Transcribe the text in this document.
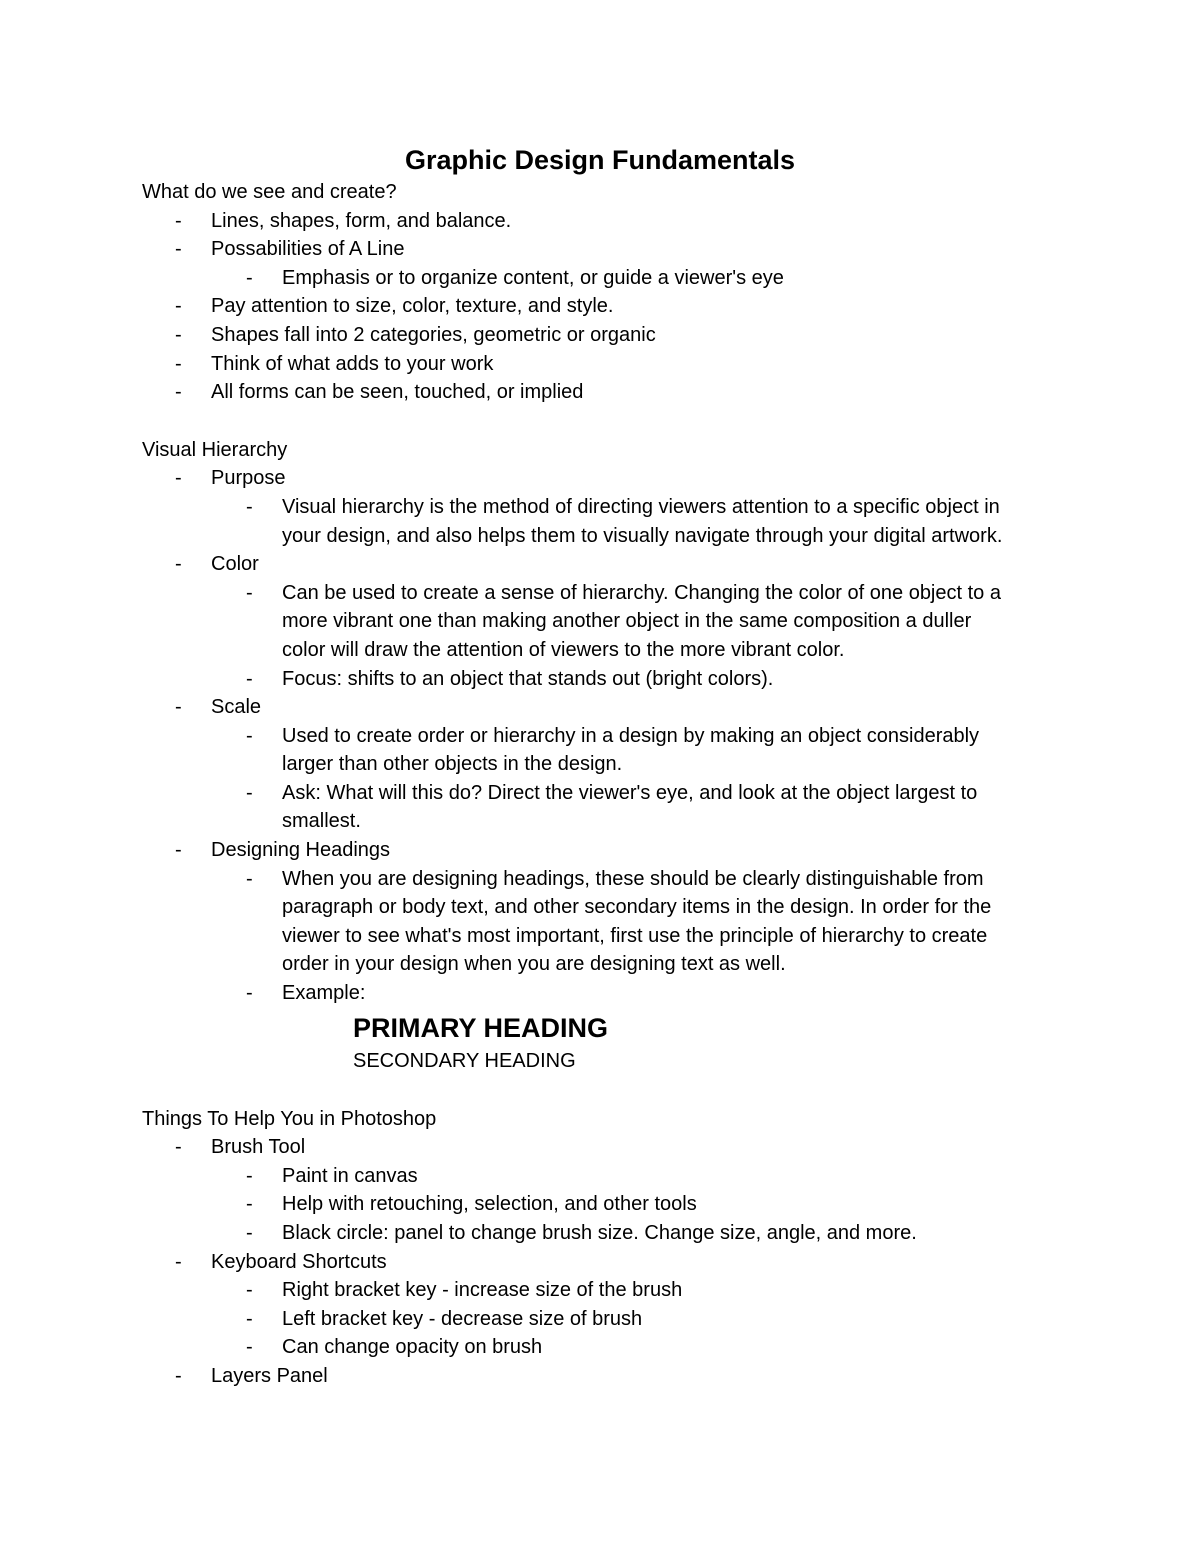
Graphic Design Fundamentals
What do we see and create?
- Lines, shapes, form, and balance.
- Possabilities of A Line
- Emphasis or to organize content, or guide a viewer's eye
- Pay attention to size, color, texture, and style.
- Shapes fall into 2 categories, geometric or organic
- Think of what adds to your work
- All forms can be seen, touched, or implied
Visual Hierarchy
- Purpose
- Visual hierarchy is the method of directing viewers attention to a specific object in
your design, and also helps them to visually navigate through your digital artwork.
- Color
- Can be used to create a sense of hierarchy. Changing the color of one object to a
more vibrant one than making another object in the same composition a duller
color will draw the attention of viewers to the more vibrant color.
- Focus: shifts to an object that stands out (bright colors).
- Scale
- Used to create order or hierarchy in a design by making an object considerably
larger than other objects in the design.
- Ask: What will this do? Direct the viewer's eye, and look at the object largest to
smallest.
- Designing Headings
- When you are designing headings, these should be clearly distinguishable from
paragraph or body text, and other secondary items in the design. In order for the
viewer to see what's most important, first use the principle of hierarchy to create
order in your design when you are designing text as well.
- Example:
PRIMARY HEADING
SECONDARY HEADING
Things To Help You in Photoshop
- Brush Tool
- Paint in canvas
- Help with retouching, selection, and other tools
- Black circle: panel to change brush size. Change size, angle, and more.
- Keyboard Shortcuts
- Right bracket key - increase size of the brush
- Left bracket key - decrease size of brush
- Can change opacity on brush
- Layers Panel
